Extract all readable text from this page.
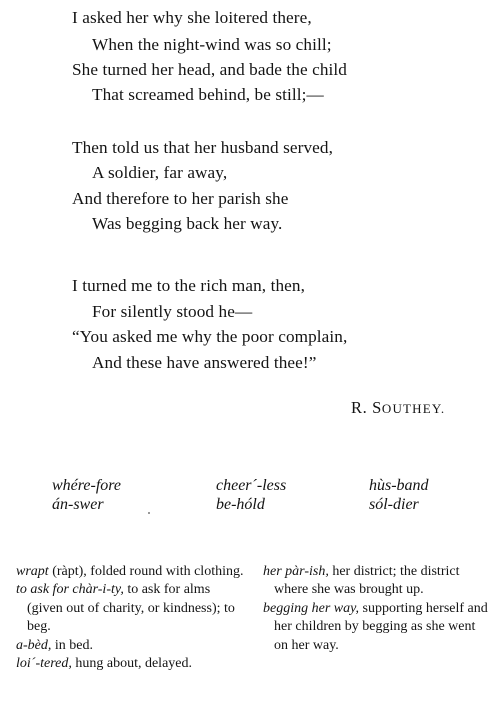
I asked her why she loitered there,
When the night-wind was so chill;
She turned her head, and bade the child
That screamed behind, be still;—
Then told us that her husband served,
A soldier, far away,
And therefore to her parish she
Was begging back her way.
I turned me to the rich man, then,
For silently stood he—
“You asked me why the poor complain,
And these have answered thee!”
R. SOUTHEY.
whére-fore
án-swer
cheer´-less
be-hóld
hùs-band
sól-dier
wrapt (ràpt), folded round with clothing.
to ask for chàr-i-ty, to ask for alms (given out of charity, or kindness); to beg.
a-bèd, in bed.
loi´-tered, hung about, delayed.
her pàr-ish, her district; the district where she was brought up.
begging her way, supporting herself and her children by begging as she went on her way.
